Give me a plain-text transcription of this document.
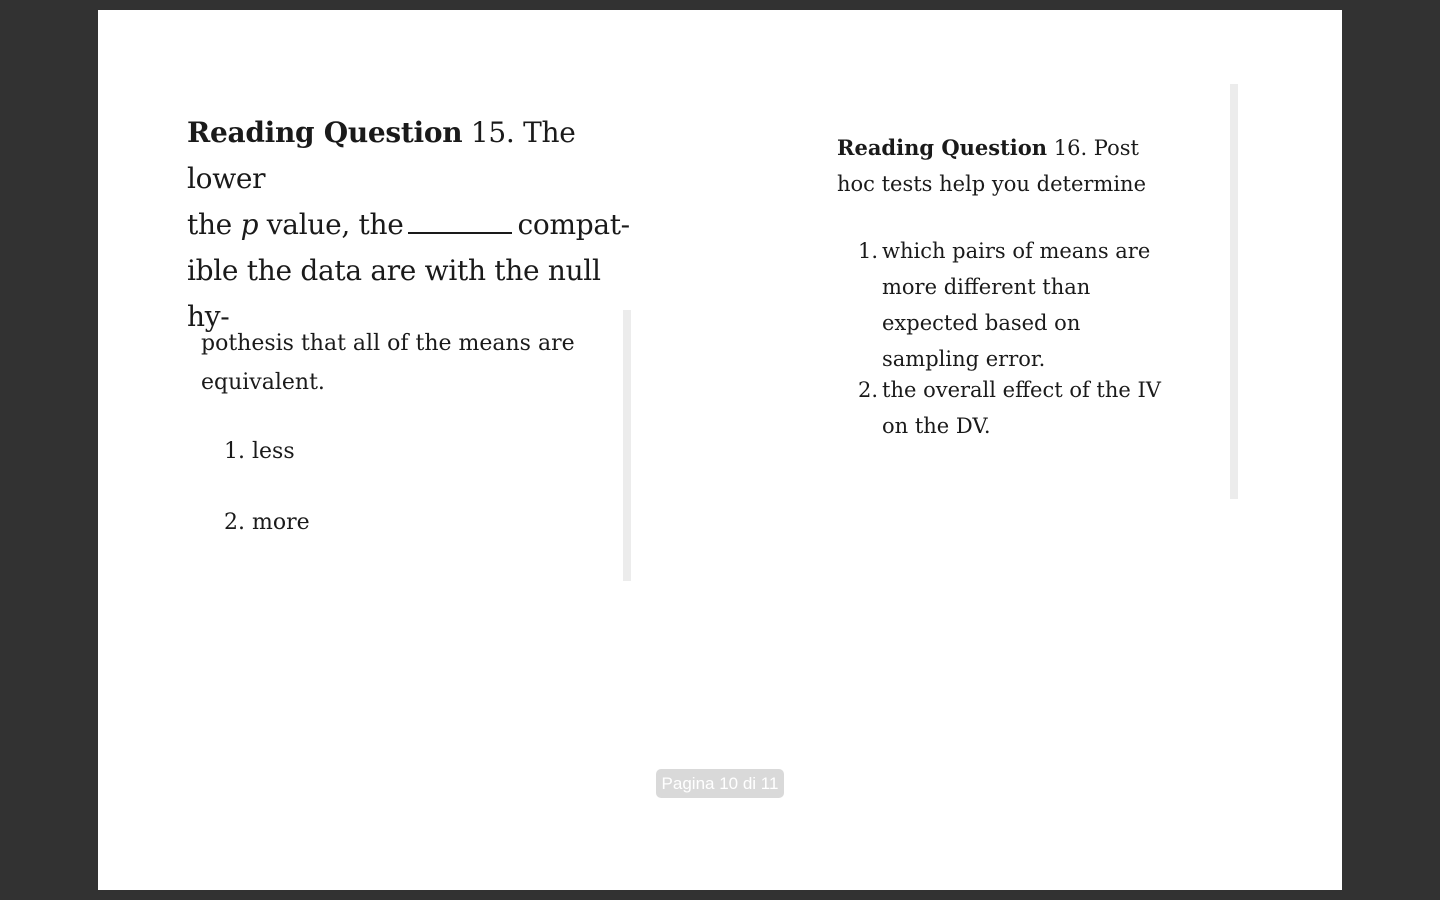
Reading Question 15. The lower
the p value, the	compat-
ible the data are with the null hy-
pothesis that all of the means are equivalent.
1. less
2. more
Reading Question 16. Post hoc tests help you determine
1. which pairs of means are more different than expected based on sampling error.
2. the overall effect of the IV on the DV.
Pagina 10 di 11
